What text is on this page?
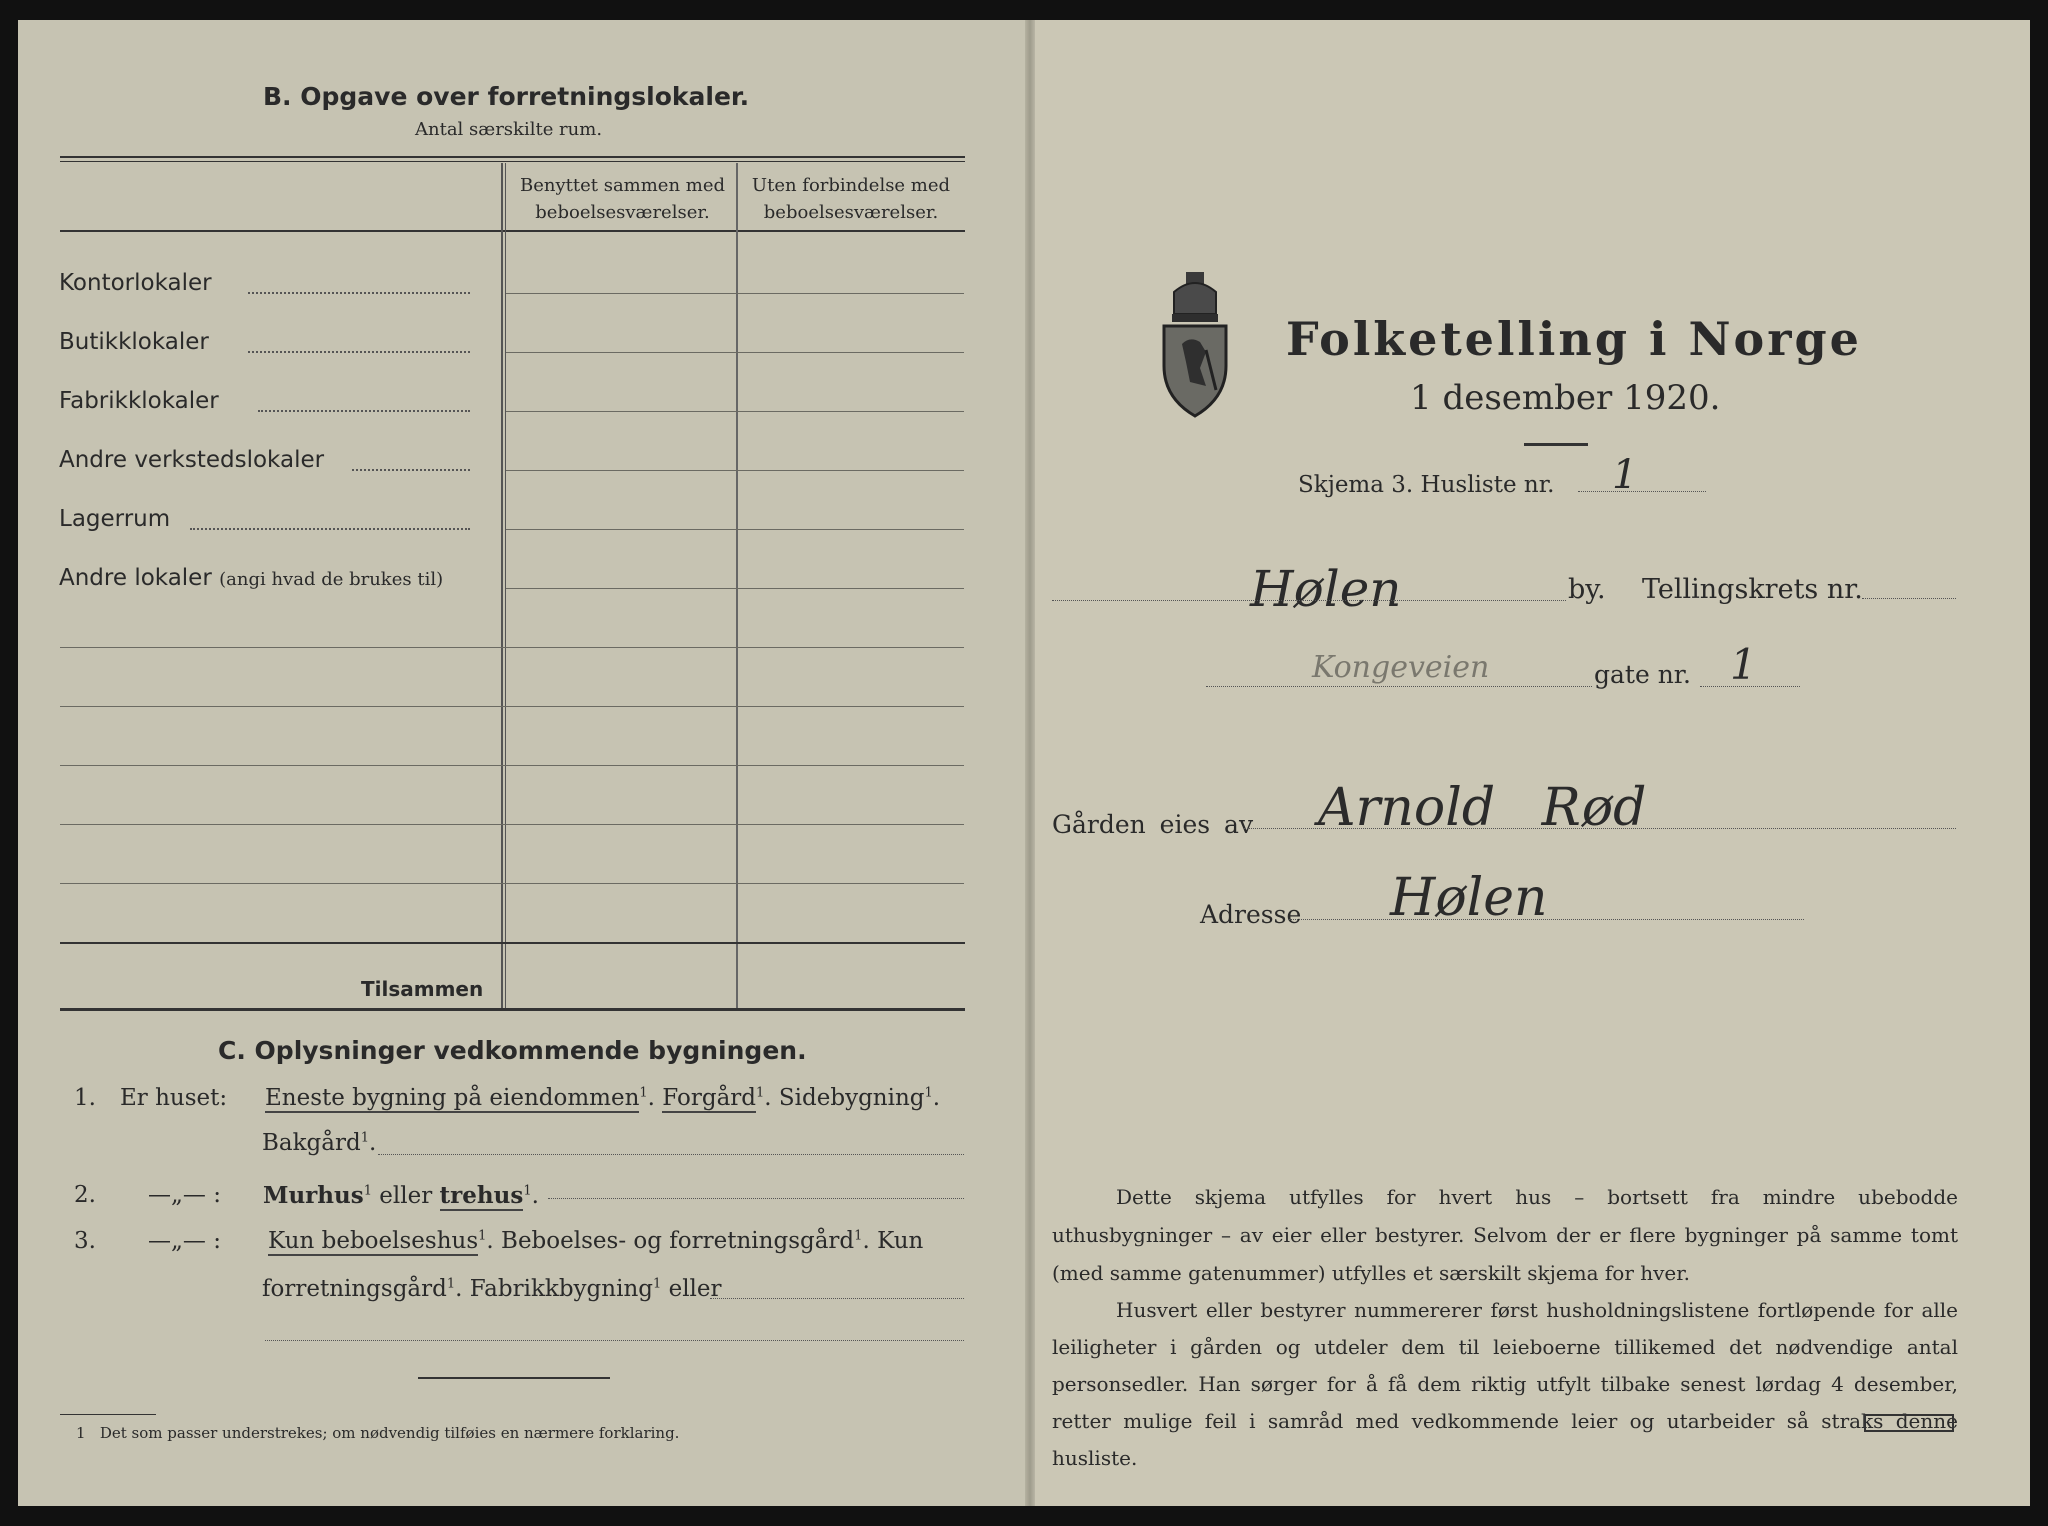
B. Opgave over forretningslokaler.
Antal særskilte rum.
Benyttet sammen med beboelsesværelser.
Uten forbindelse med beboelsesværelser.
Kontorlokaler
Butikklokaler
Fabrikklokaler
Andre verkstedslokaler
Lagerrum
Andre lokaler (angi hvad de brukes til)
Tilsammen
C. Oplysninger vedkommende bygningen.
1. Er huset: Eneste bygning på eiendommen$^1$. Forgård$^1$. Sidebygning$^1$.
Bakgård$^1$.
2. —„— : Murhus$^1$ eller trehus$^1$.
3. —„— : Kun beboelseshus$^1$. Beboelses- og forretningsgård$^1$. Kun
forretningsgård$^1$. Fabrikkbygning$^1$ eller
1 Det som passer understrekes; om nødvendig tilføies en nærmere forklaring.
Folketelling i Norge
1 desember 1920.
Skjema 3. Husliste nr. 1
Hølen	by. Tellingskrets nr.
Kongeveien	gate nr. 1
Gården eies av Arnold Rød
Adresse Hølen
Dette skjema utfylles for hvert hus – bortsett fra mindre ubebodde uthusbygninger – av eier eller bestyrer. Selvom der er flere bygninger på samme tomt (med samme gatenummer) utfylles et særskilt skjema for hver.
Husvert eller bestyrer nummererer først husholdningslistene fortløpende for alle leiligheter i gården og utdeler dem til leieboerne tillikemed det nødvendige antal personsedler. Han sørger for å få dem riktig utfylt tilbake senest lørdag 4 desember, retter mulige feil i samråd med vedkommende leier og utarbeider så straks denne husliste.
